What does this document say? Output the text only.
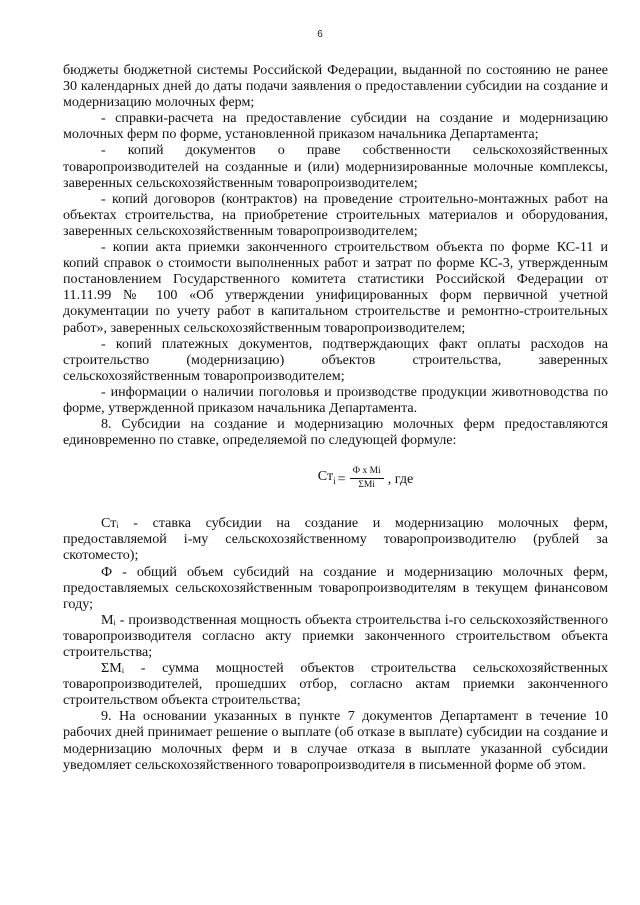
6

бюджеты бюджетной системы Российской Федерации, выданной по состоянию не ранее 30 календарных дней до даты подачи заявления о предоставлении субсидии на создание и модернизацию молочных ферм;

- справки-расчета на предоставление субсидии на создание и модернизацию молочных ферм по форме, установленной приказом начальника Департамента;

- копий документов о праве собственности сельскохозяйственных товаропроизводителей на созданные и (или) модернизированные молочные комплексы, заверенных сельскохозяйственным товаропроизводителем;

- копий договоров (контрактов) на проведение строительно-монтажных работ на объектах строительства, на приобретение строительных материалов и оборудования, заверенных сельскохозяйственным товаропроизводителем;

- копии акта приемки законченного строительством объекта по форме КС-11 и копий справок о стоимости выполненных работ и затрат по форме КС-3, утвержденным постановлением Государственного комитета статистики Российской Федерации от 11.11.99 № 100 «Об утверждении унифицированных форм первичной учетной документации по учету работ в капитальном строительстве и ремонтно-строительных работ», заверенных сельскохозяйственным товаропроизводителем;

- копий платежных документов, подтверждающих факт оплаты расходов на строительство (модернизацию) объектов строительства, заверенных сельскохозяйственным товаропроизводителем;

- информации о наличии поголовья и производстве продукции животноводства по форме, утвержденной приказом начальника Департамента.

8. Субсидии на создание и модернизацию молочных ферм предоставляются единовременно по ставке, определяемой по следующей формуле:

$Ст_i = \frac{\text{Ф х Mi}}{\text{ΣMi}}$ , где

Стᵢ - ставка субсидии на создание и модернизацию молочных ферм, предоставляемой i-му сельскохозяйственному товаропроизводителю (рублей за скотоместо);

Ф - общий объем субсидий на создание и модернизацию молочных ферм, предоставляемых сельскохозяйственным товаропроизводителям в текущем финансовом году;

Mᵢ - производственная мощность объекта строительства i-го сельскохозяйственного товаропроизводителя согласно акту приемки законченного строительством объекта строительства;

ΣMᵢ - сумма мощностей объектов строительства сельскохозяйственных товаропроизводителей, прошедших отбор, согласно актам приемки законченного строительством объекта строительства;

9. На основании указанных в пункте 7 документов Департамент в течение 10 рабочих дней принимает решение о выплате (об отказе в выплате) субсидии на создание и модернизацию молочных ферм и в случае отказа в выплате указанной субсидии уведомляет сельскохозяйственного товаропроизводителя в письменной форме об этом.
